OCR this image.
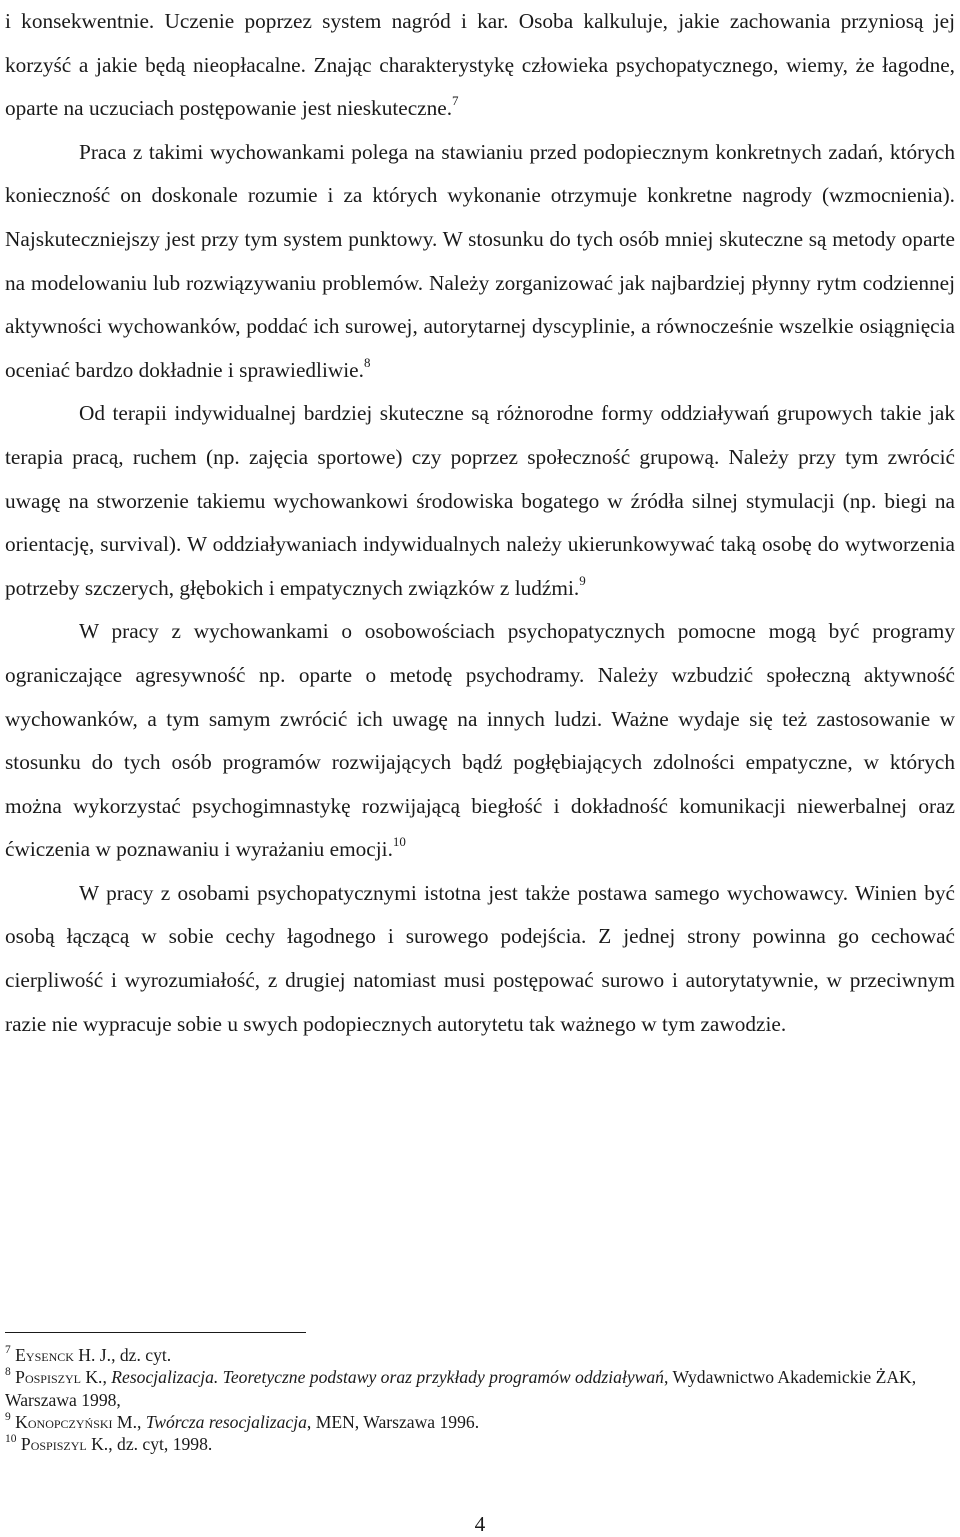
i konsekwentnie. Uczenie poprzez system nagród i kar. Osoba kalkuluje, jakie zachowania przyniosą jej korzyść a jakie będą nieopłacalne. Znając charakterystykę człowieka psychopatycznego, wiemy, że łagodne, oparte na uczuciach postępowanie jest nieskuteczne.$^7$

Praca z takimi wychowankami polega na stawianiu przed podopiecznym konkretnych zadań, których konieczność on doskonale rozumie i za których wykonanie otrzymuje konkretne nagrody (wzmocnienia). Najskuteczniejszy jest przy tym system punktowy. W stosunku do tych osób mniej skuteczne są metody oparte na modelowaniu lub rozwiązywaniu problemów. Należy zorganizować jak najbardziej płynny rytm codziennej aktywności wychowanków, poddać ich surowej, autorytarnej dyscyplinie, a równocześnie wszelkie osiągnięcia oceniać bardzo dokładnie i sprawiedliwie.$^8$

Od terapii indywidualnej bardziej skuteczne są różnorodne formy oddziaływań grupowych takie jak terapia pracą, ruchem (np. zajęcia sportowe) czy poprzez społeczność grupową. Należy przy tym zwrócić uwagę na stworzenie takiemu wychowankowi środowiska bogatego w źródła silnej stymulacji (np. biegi na orientację, survival). W oddziaływaniach indywidualnych należy ukierunkowywać taką osobę do wytworzenia potrzeby szczerych, głębokich i empatycznych związków z ludźmi.$^9$

W pracy z wychowankami o osobowościach psychopatycznych pomocne mogą być programy ograniczające agresywność np. oparte o metodę psychodramy. Należy wzbudzić społeczną aktywność wychowanków, a tym samym zwrócić ich uwagę na innych ludzi. Ważne wydaje się też zastosowanie w stosunku do tych osób programów rozwijających bądź pogłębiających zdolności empatyczne, w których można wykorzystać psychogimnastykę rozwijającą biegłość i dokładność komunikacji niewerbalnej oraz ćwiczenia w poznawaniu i wyrażaniu emocji.$^{10}$

W pracy z osobami psychopatycznymi istotna jest także postawa samego wychowawcy. Winien być osobą łączącą w sobie cechy łagodnego i surowego podejścia. Z jednej strony powinna go cechować cierpliwość i wyrozumiałość, z drugiej natomiast musi postępować surowo i autorytatywnie, w przeciwnym razie nie wypracuje sobie u swych podopiecznych autorytetu tak ważnego w tym zawodzie.

$^7$ Eysenck H. J., dz. cyt.

$^8$ Pospiszyl K., Resocjalizacja. Teoretyczne podstawy oraz przykłady programów oddziaływań, Wydawnictwo Akademickie ŻAK, Warszawa 1998,

$^9$ Konopczyński M., Twórcza resocjalizacja, MEN, Warszawa 1996.

$^{10}$ Pospiszyl K., dz. cyt, 1998.

4
